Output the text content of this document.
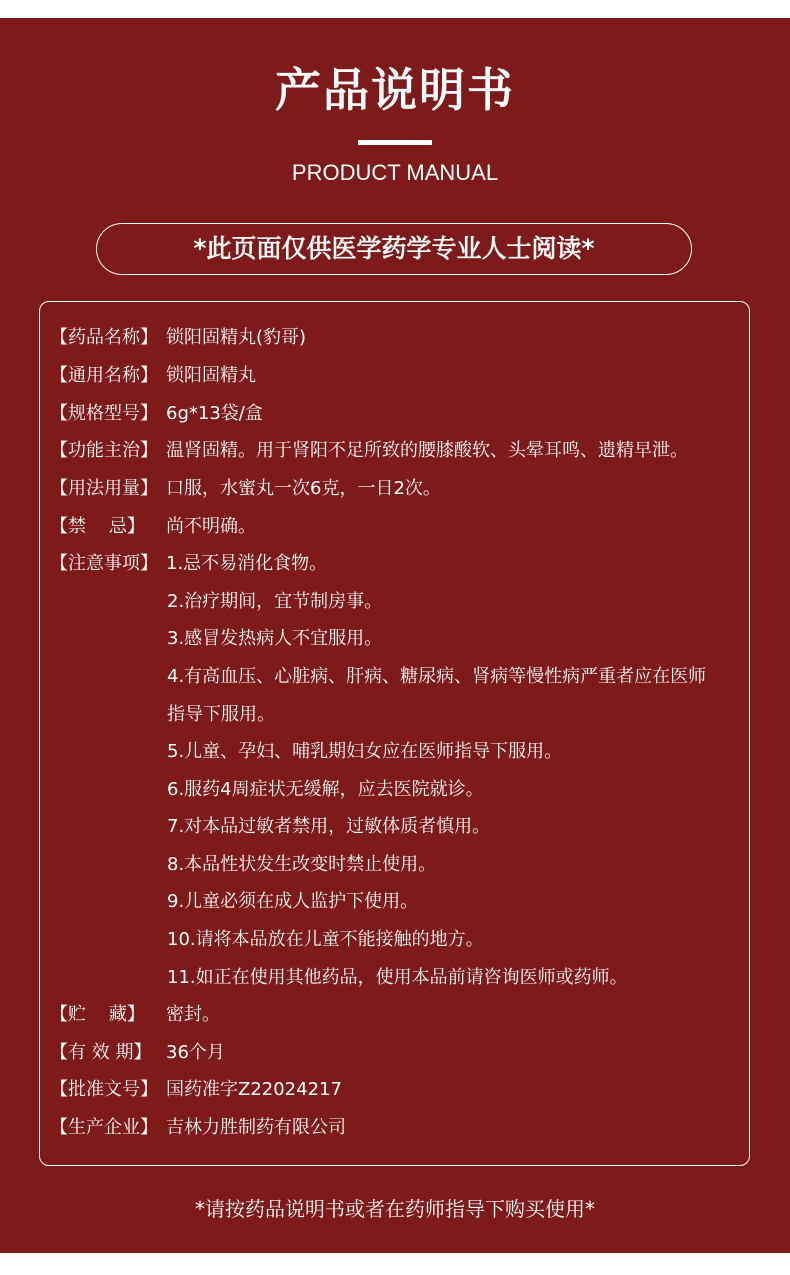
产品说明书
PRODUCT MANUAL
*此页面仅供医学药学专业人士阅读*
【药品名称】 锁阳固精丸(豹哥)
【通用名称】 锁阳固精丸
【规格型号】 6g*13袋/盒
【功能主治】 温肾固精。用于肾阳不足所致的腰膝酸软、头晕耳鸣、遗精早泄。
【用法用量】 口服，水蜜丸一次6克，一日2次。
【禁    忌】 尚不明确。
【注意事项】 1.忌不易消化食物。
2.治疗期间，宜节制房事。
3.感冒发热病人不宜服用。
4.有高血压、心脏病、肝病、糖尿病、肾病等慢性病严重者应在医师
指导下服用。
5.儿童、孕妇、哺乳期妇女应在医师指导下服用。
6.服药4周症状无缓解，应去医院就诊。
7.对本品过敏者禁用，过敏体质者慎用。
8.本品性状发生改变时禁止使用。
9.儿童必须在成人监护下使用。
10.请将本品放在儿童不能接触的地方。
11.如正在使用其他药品，使用本品前请咨询医师或药师。
【贮    藏】 密封。
【有 效 期】 36个月
【批准文号】 国药准字Z22024217
【生产企业】 吉林力胜制药有限公司
*请按药品说明书或者在药师指导下购买使用*
